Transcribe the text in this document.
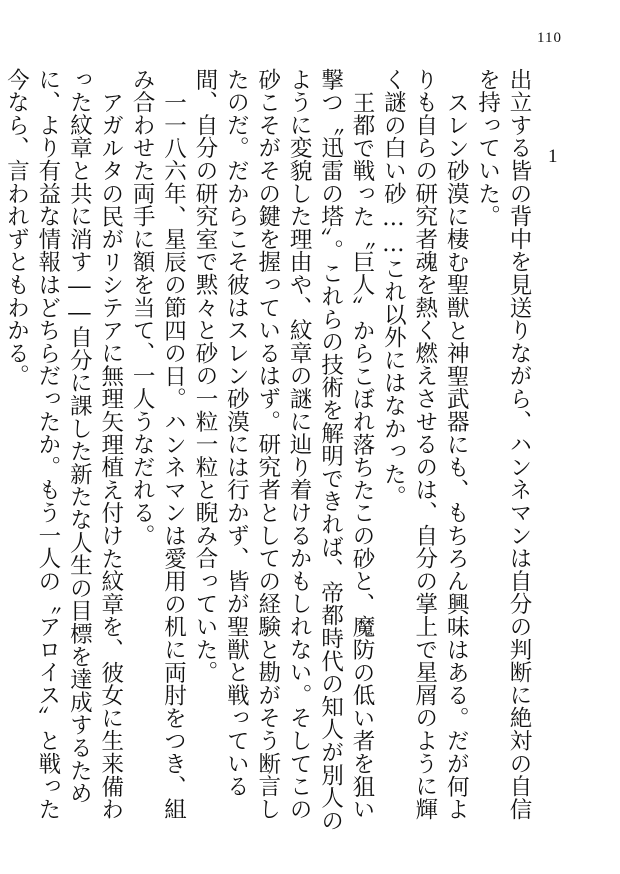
110
1

出立する皆の背中を見送りながら、ハンネマンは自分の判断に絶対の自信を持っていた。

スレン砂漠に棲む聖獣と神聖武器にも、もちろん興味はある。だが何よりも自らの研究者魂を熱く燃えさせるのは、自分の掌上で星屑のように輝く謎の白い砂……これ以外にはなかった。

王都で戦った〝巨人〟からこぼれ落ちたこの砂と、魔防の低い者を狙い撃つ〝迅雷の塔〟。これらの技術を解明できれば、帝都時代の知人が別人のように変貌した理由や、紋章の謎に辿り着けるかもしれない。そしてこの砂こそがその鍵を握っているはず。研究者としての経験と勘がそう断言したのだ。だからこそ彼はスレン砂漠には行かず、皆が聖獣と戦っている間、自分の研究室で黙々と砂の一粒一粒と睨み合っていた。

一一八六年、星辰の節四の日。ハンネマンは愛用の机に両肘をつき、組み合わせた両手に額を当て、一人うなだれる。

アガルタの民がリシテアに無理矢理植え付けた紋章を、彼女に生来備わった紋章と共に消す――自分に課した新たな人生の目標を達成するために、より有益な情報はどちらだったか。もう一人の〝アロイス〟と戦った今なら、言われずともわかる。
